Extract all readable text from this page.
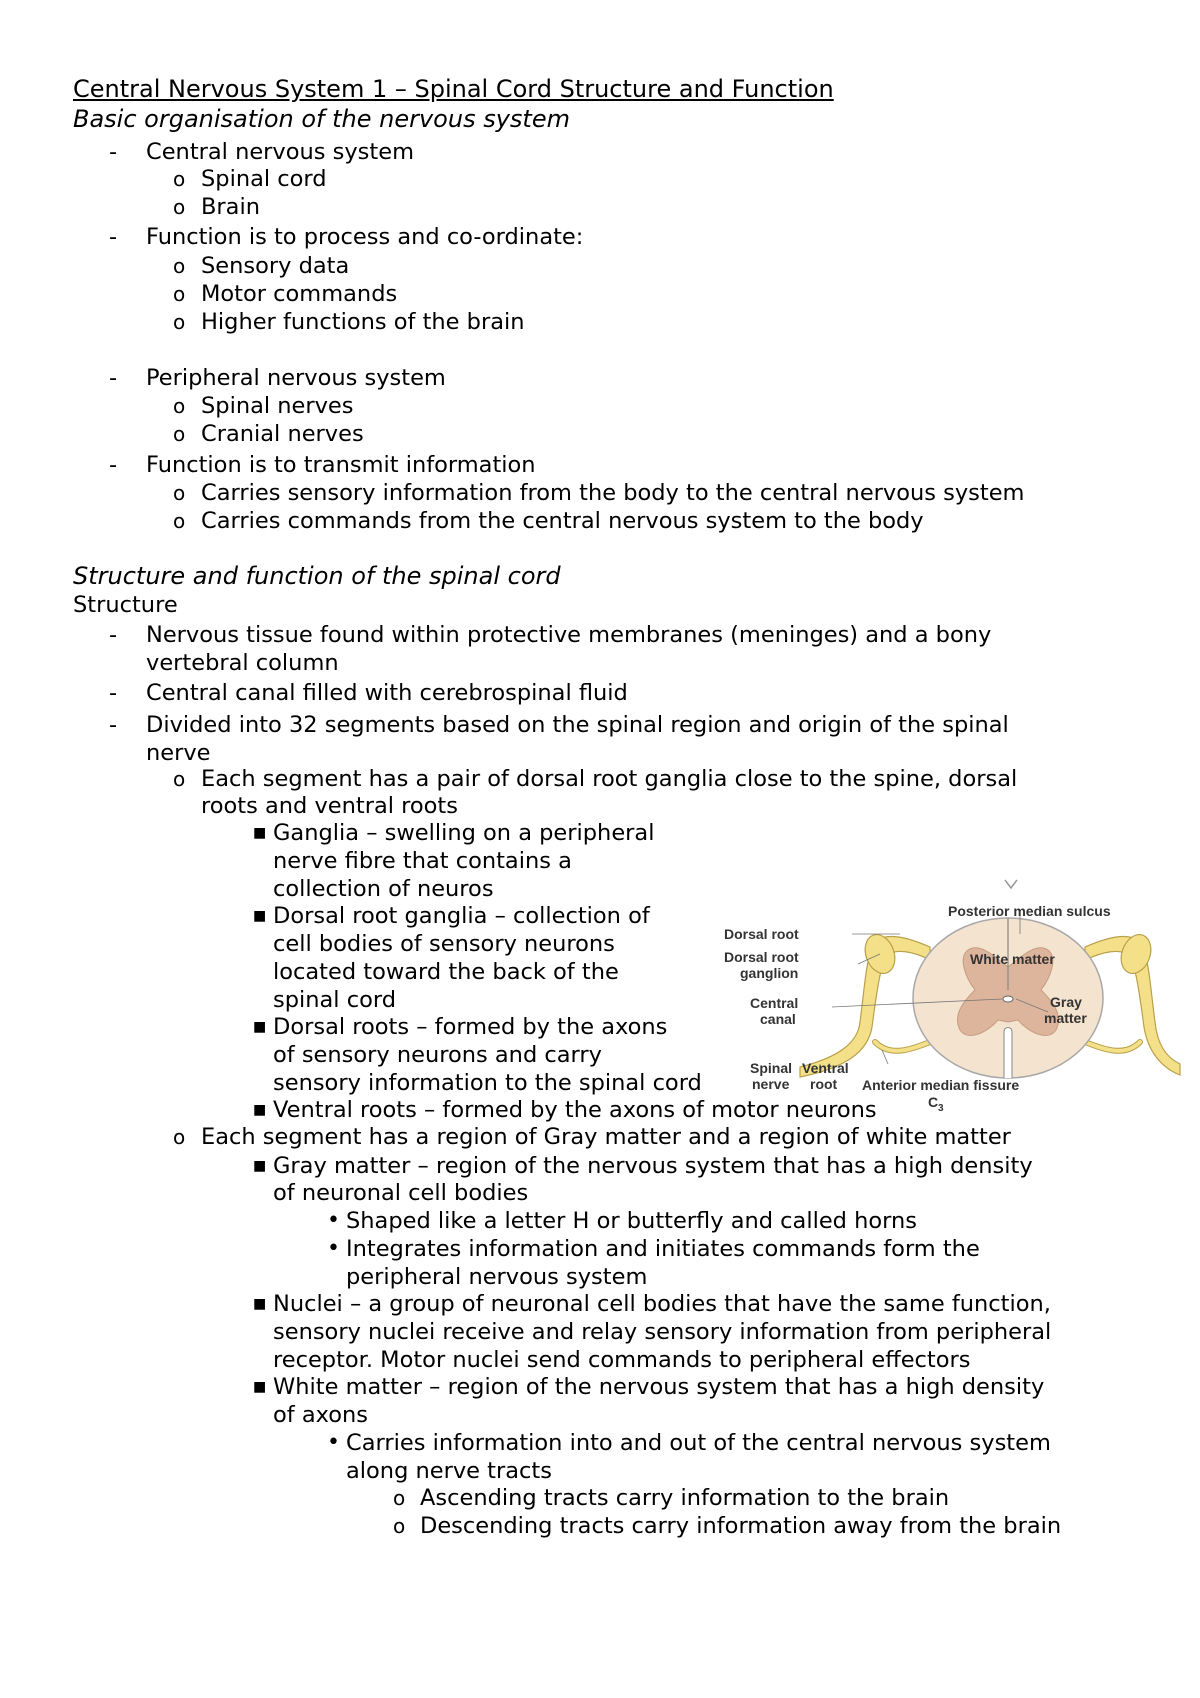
Central Nervous System 1 – Spinal Cord Structure and Function
Basic organisation of the nervous system
- Central nervous system
o Spinal cord
o Brain
- Function is to process and co-ordinate:
o Sensory data
o Motor commands
o Higher functions of the brain
- Peripheral nervous system
o Spinal nerves
o Cranial nerves
- Function is to transmit information
o Carries sensory information from the body to the central nervous system
o Carries commands from the central nervous system to the body
Structure and function of the spinal cord
Structure
- Nervous tissue found within protective membranes (meninges) and a bony
vertebral column
- Central canal filled with cerebrospinal fluid
- Divided into 32 segments based on the spinal region and origin of the spinal
nerve
o Each segment has a pair of dorsal root ganglia close to the spine, dorsal
roots and ventral roots
■ Ganglia – swelling on a peripheral
nerve fibre that contains a
collection of neuros
■ Dorsal root ganglia – collection of
cell bodies of sensory neurons
located toward the back of the
spinal cord
■ Dorsal roots – formed by the axons
of sensory neurons and carry
sensory information to the spinal cord
■ Ventral roots – formed by the axons of motor neurons
o Each segment has a region of Gray matter and a region of white matter
■ Gray matter – region of the nervous system that has a high density
of neuronal cell bodies
• Shaped like a letter H or butterfly and called horns
• Integrates information and initiates commands form the
peripheral nervous system
■ Nuclei – a group of neuronal cell bodies that have the same function,
sensory nuclei receive and relay sensory information from peripheral
receptor. Motor nuclei send commands to peripheral effectors
■ White matter – region of the nervous system that has a high density
of axons
• Carries information into and out of the central nervous system
along nerve tracts
o Ascending tracts carry information to the brain
o Descending tracts carry information away from the brain
Posterior median sulcus
Dorsal root
Dorsal root
ganglion
White matter
Central
canal
Gray
matter
Spinal
nerve
Ventral
root Anterior median fissure
C 3
